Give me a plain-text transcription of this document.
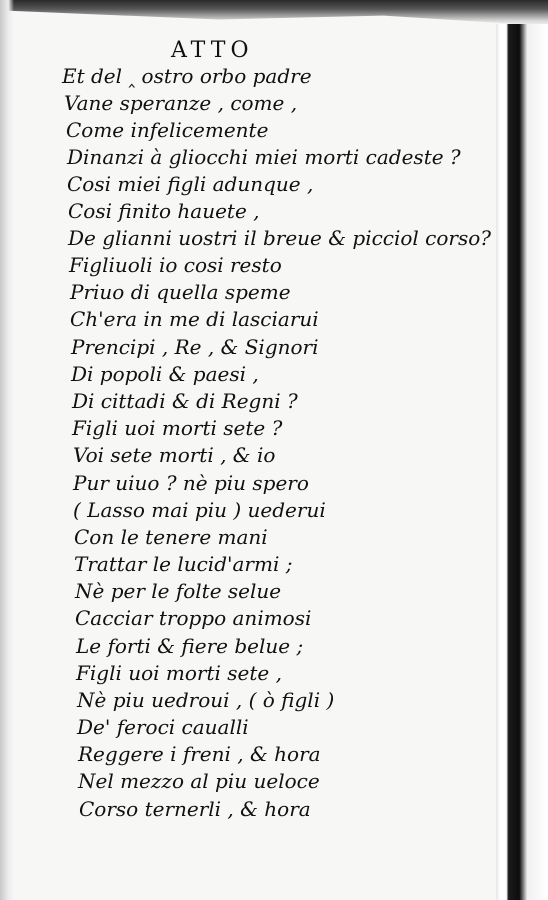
ATTO
Et del ‸ ostro orbo padre
Vane speranze , come ,
Come infelicemente
Dinanzi à gliocchi miei morti cadeste ?
Cosi miei figli adunque ,
Cosi finito hauete ,
De glianni uostri il breue & picciol corso?
Figliuoli io cosi resto
Priuo di quella speme
Ch'era in me di lasciarui
Prencipi , Re , & Signori
Di popoli & paesi ,
Di cittadi & di Regni ?
Figli uoi morti sete ?
Voi sete morti , & io
Pur uiuo ? nè piu spero
( Lasso mai piu ) uederui
Con le tenere mani
Trattar le lucid'armi ;
Nè per le folte selue
Cacciar troppo animosi
Le forti & fiere belue ;
Figli uoi morti sete ,
Nè piu uedroui , ( ò figli )
De' feroci caualli
Reggere i freni , & hora
Nel mezzo al piu ueloce
Corso ternerli , & hora
